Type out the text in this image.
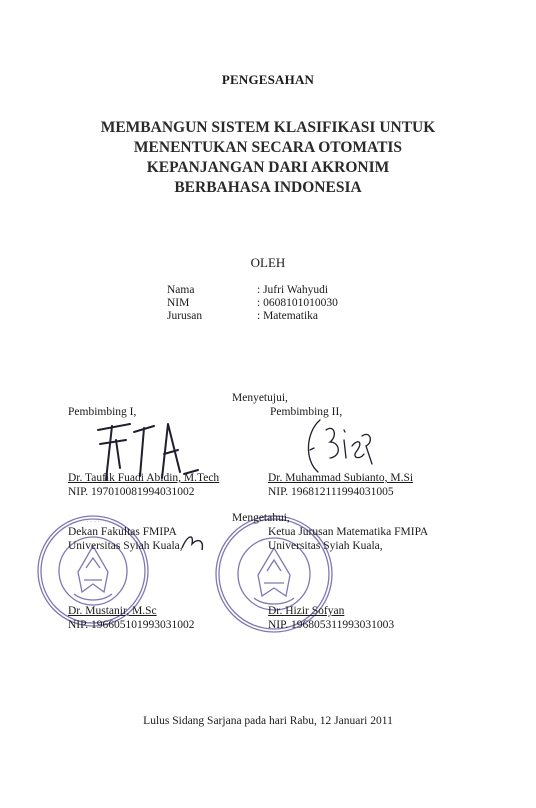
PENGESAHAN
MEMBANGUN SISTEM KLASIFIKASI UNTUK
MENENTUKAN SECARA OTOMATIS
KEPANJANGAN DARI AKRONIM
BERBAHASA INDONESIA
OLEH
Nama	: Jufri Wahyudi
NIM	: 0608101010030
Jurusan	: Matematika
Menyetujui,
Pembimbing I,	Pembimbing II,
Dr. Taufik Fuadi Abidin, M.Tech
NIP. 197010081994031002
Dr. Muhammad Subianto, M.Si
NIP. 196812111994031005
· · · ·	Mengetahui,
Dekan Fakultas FMIPA
Universitas Syiah Kuala,
Ketua Jurusan Matematika FMIPA
Universitas Syiah Kuala,
Dr. Mustanir, M.Sc
NIP. 196605101993031002
Dr. Hizir Sofyan
NIP. 196805311993031003
Lulus Sidang Sarjana pada hari Rabu, 12 Januari 2011
